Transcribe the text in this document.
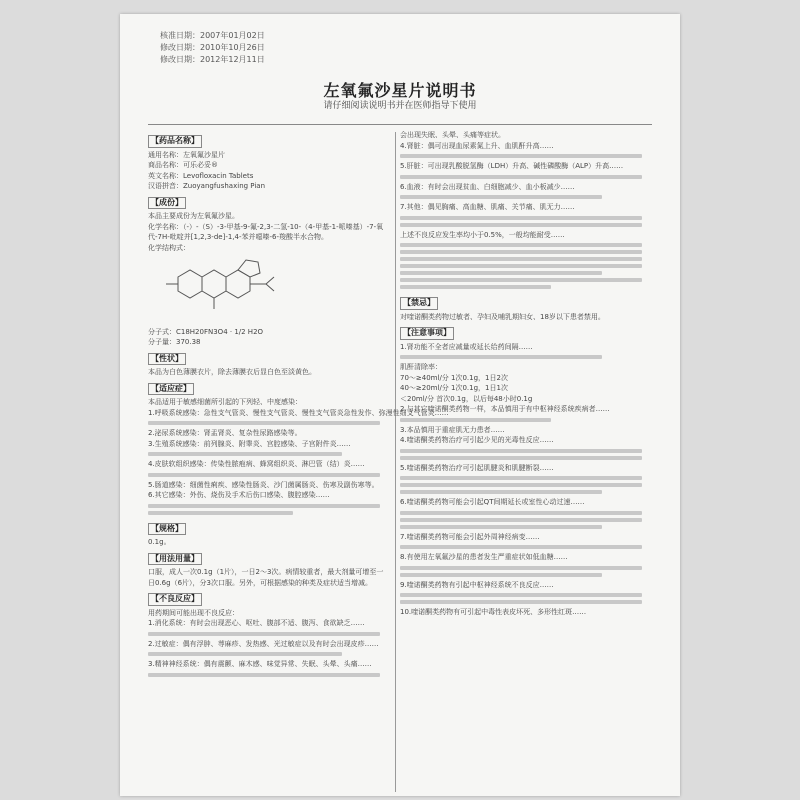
核准日期：2007年01月02日
修改日期：2010年10月26日
修改日期：2012年12月11日
左氧氟沙星片说明书
请仔细阅读说明书并在医师指导下使用
【药品名称】
通用名称：左氧氟沙星片
商品名称：可乐必妥®
英文名称：Levofloxacin Tablets
汉语拼音：Zuoyangfushaxing Pian
【成份】
本品主要成份为左氧氟沙星。
化学名称：（-）-（S）-3-甲基-9-氟-2,3-二氢-10-（4-甲基-1-哌嗪基）-7-氧代-7H-吡啶并[1,2,3-de]-1,4-苯并噁嗪-6-羧酸半水合物。
化学结构式：
分子式：C18H20FN3O4 · 1/2 H2O
分子量：370.38
【性状】
本品为白色薄膜衣片，除去薄膜衣后显白色至淡黄色。
【适应症】
本品适用于敏感细菌所引起的下列轻、中度感染：
1.呼吸系统感染：急性支气管炎、慢性支气管炎、慢性支气管炎急性发作、弥漫性细支气管炎……
2.泌尿系统感染：肾盂肾炎、复杂性尿路感染等。
3.生殖系统感染：前列腺炎、附睾炎、宫腔感染、子宫附件炎……
4.皮肤软组织感染：传染性脓疱病、蜂窝组织炎、淋巴管（结）炎……
5.肠道感染：细菌性痢疾、感染性肠炎、沙门菌属肠炎、伤寒及副伤寒等。
6.其它感染：外伤、烧伤及手术后伤口感染、腹腔感染……
【规格】
0.1g。
【用法用量】
口服，成人一次0.1g（1片），一日2～3次。病情较重者，最大剂量可增至一日0.6g（6片），分3次口服。另外，可根据感染的种类及症状适当增减。
【不良反应】
用药期间可能出现不良反应：
1.消化系统：有时会出现恶心、呕吐、腹部不适、腹泻、食欲缺乏……
2.过敏症：偶有浮肿、荨麻疹、发热感、光过敏症以及有时会出现皮疹……
3.精神神经系统：偶有震颤、麻木感、味觉异常、失眠、头晕、头痛……
会出现失眠、头晕、头痛等症状。
4.肾脏：偶可出现血尿素氮上升、血肌酐升高……
5.肝脏：可出现乳酸脱氢酶（LDH）升高、碱性磷酸酶（ALP）升高……
6.血液：有时会出现贫血、白细胞减少、血小板减少……
7.其他：偶见胸痛、高血糖、肌痛、关节痛、肌无力……
上述不良反应发生率均小于0.5%，一般均能耐受……
【禁忌】
对喹诺酮类药物过敏者、孕妇及哺乳期妇女、18岁以下患者禁用。
【注意事项】
1.肾功能不全者应减量或延长给药间隔……
肌酐清除率：
70～≥40ml/分 1次0.1g，1日2次
40～≥20ml/分 1次0.1g，1日1次
＜20ml/分 首次0.1g，以后每48小时0.1g
2.与其它喹诺酮类药物一样，本品慎用于有中枢神经系统疾病者……
3.本品慎用于重症肌无力患者……
4.喹诺酮类药物治疗可引起少见的光毒性反应……
5.喹诺酮类药物治疗可引起肌腱炎和肌腱断裂……
6.喹诺酮类药物可能会引起QT间期延长或室性心动过速……
7.喹诺酮类药物可能会引起外周神经病变……
8.有使用左氧氟沙星的患者发生严重症状如低血糖……
9.喹诺酮类药物有引起中枢神经系统不良反应……
10.喹诺酮类药物有可引起中毒性表皮坏死、多形性红斑……
